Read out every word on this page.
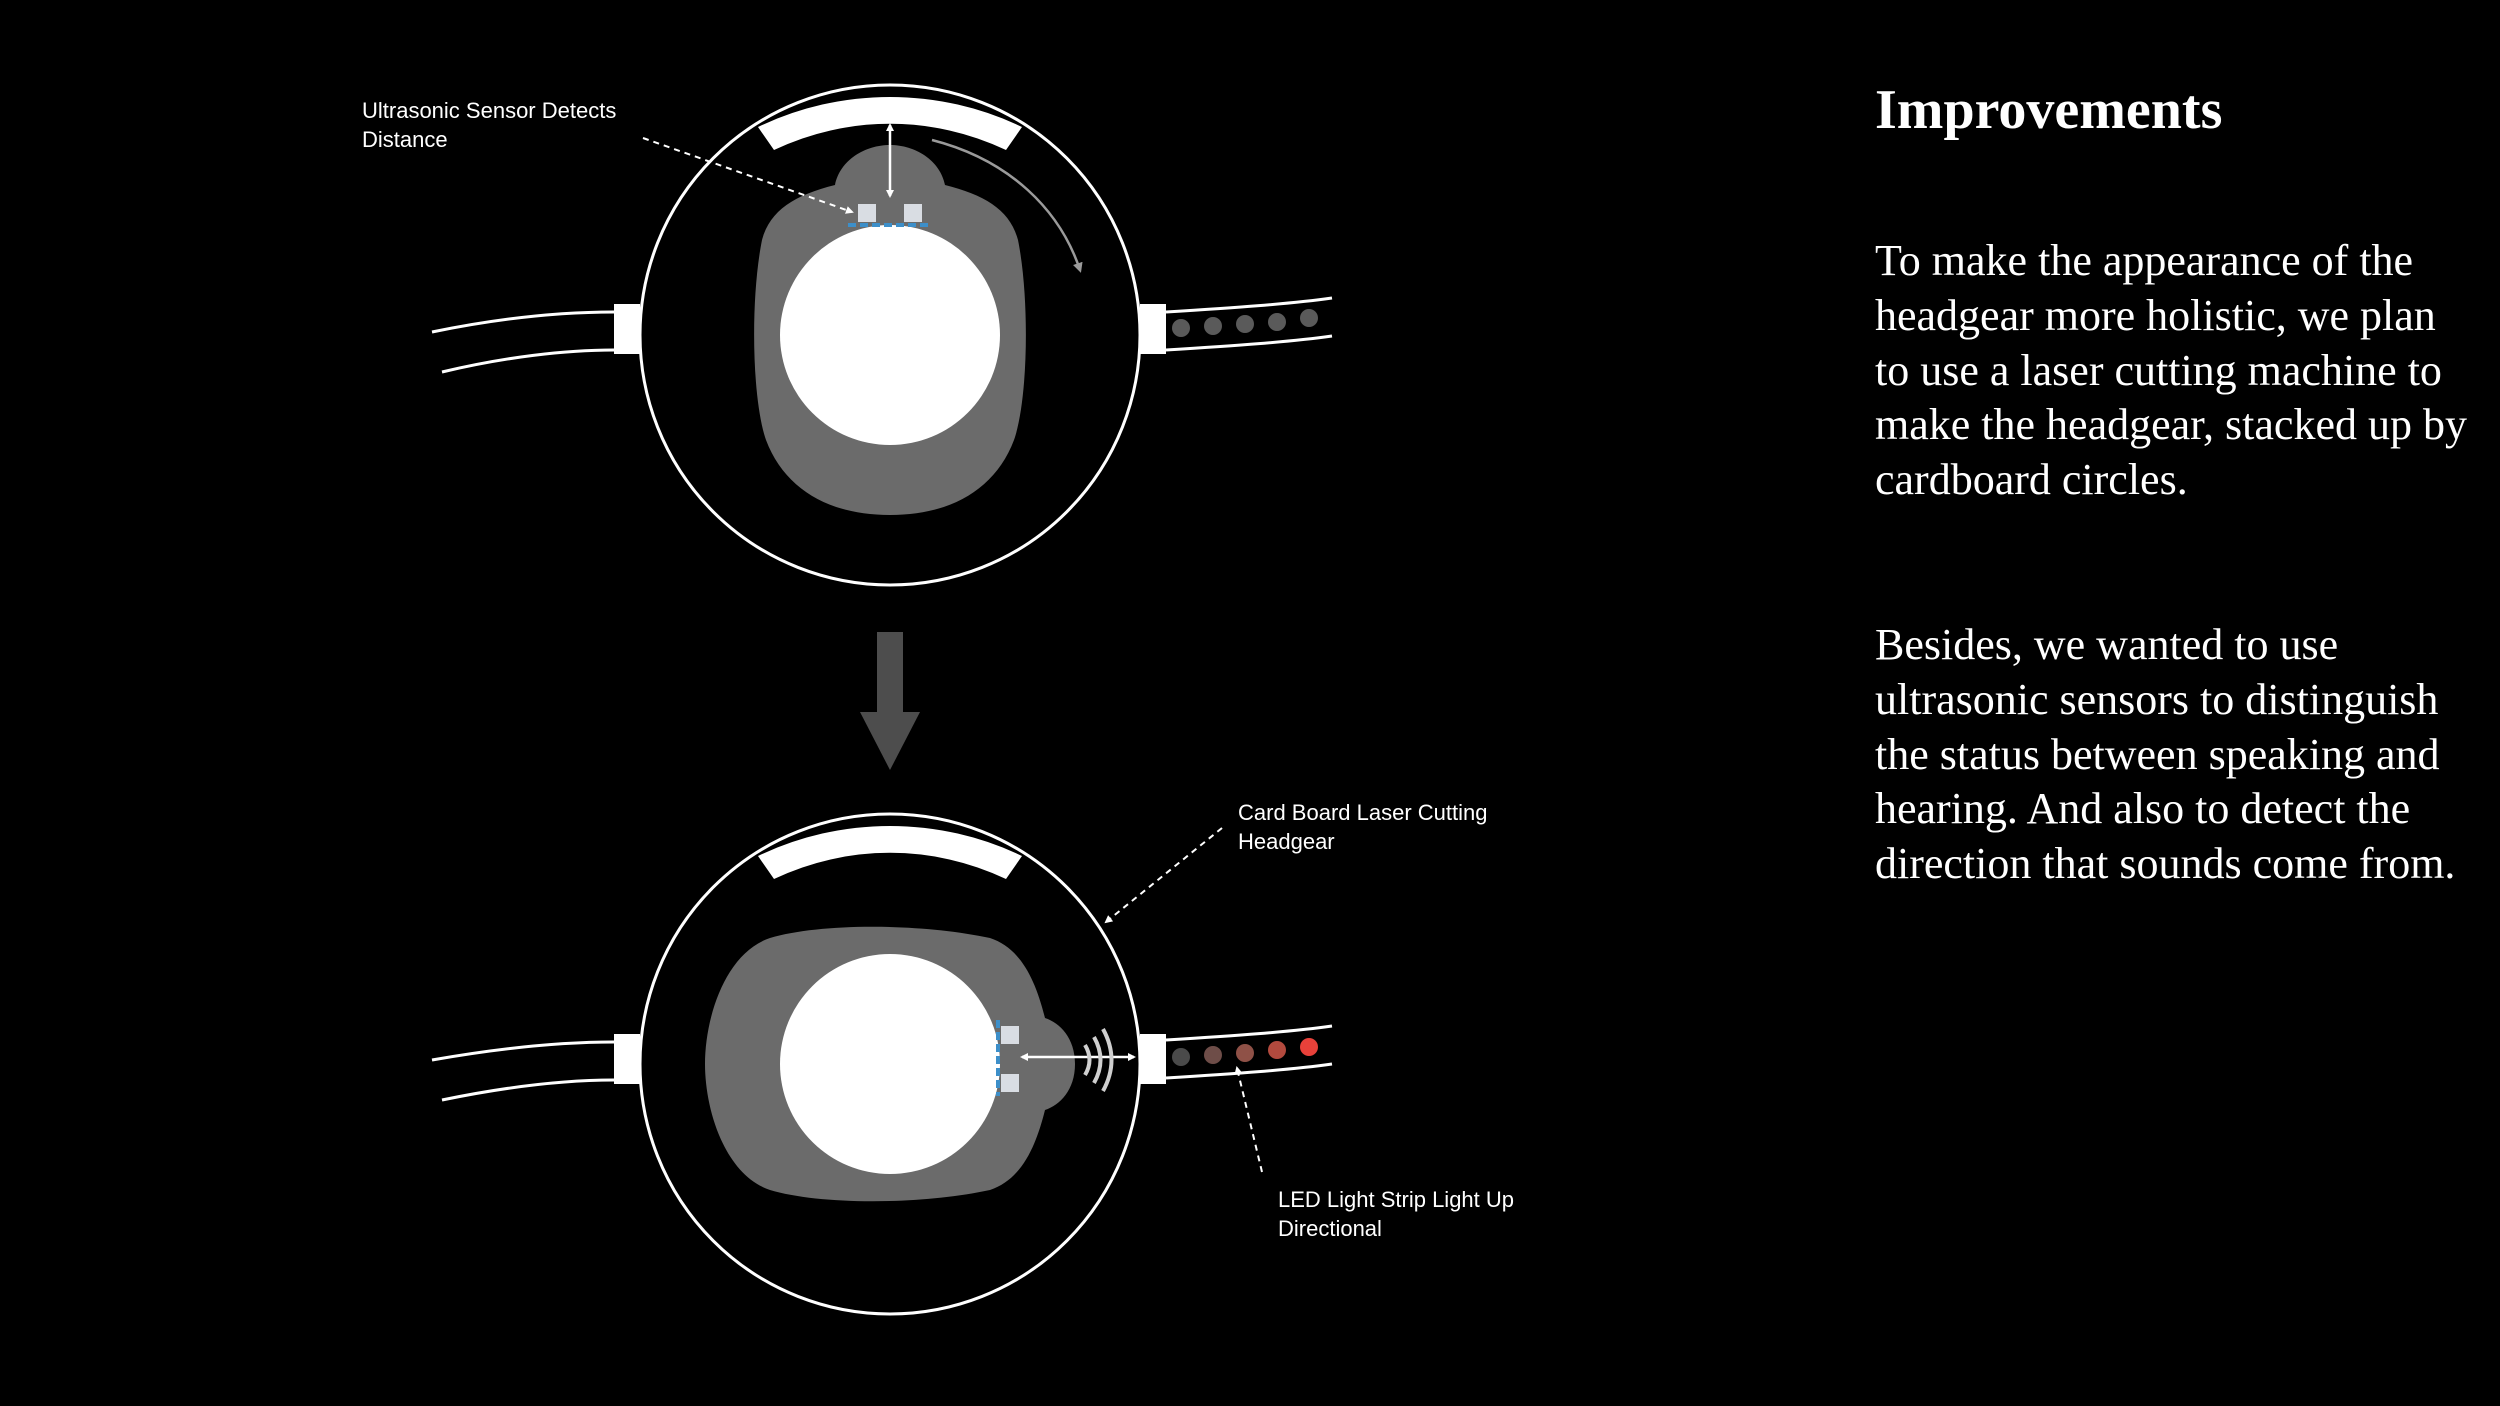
Ultrasonic Sensor Detects
Distance
Card Board Laser Cutting
Headgear
LED Light Strip Light Up
Directional
Improvements

To make the appearance of the headgear more holistic, we plan to use a laser cutting machine to make the headgear, stacked up by cardboard circles.

Besides, we wanted to use ultrasonic sensors to distinguish the status between speaking and hearing. And also to detect the direction that sounds come from.
